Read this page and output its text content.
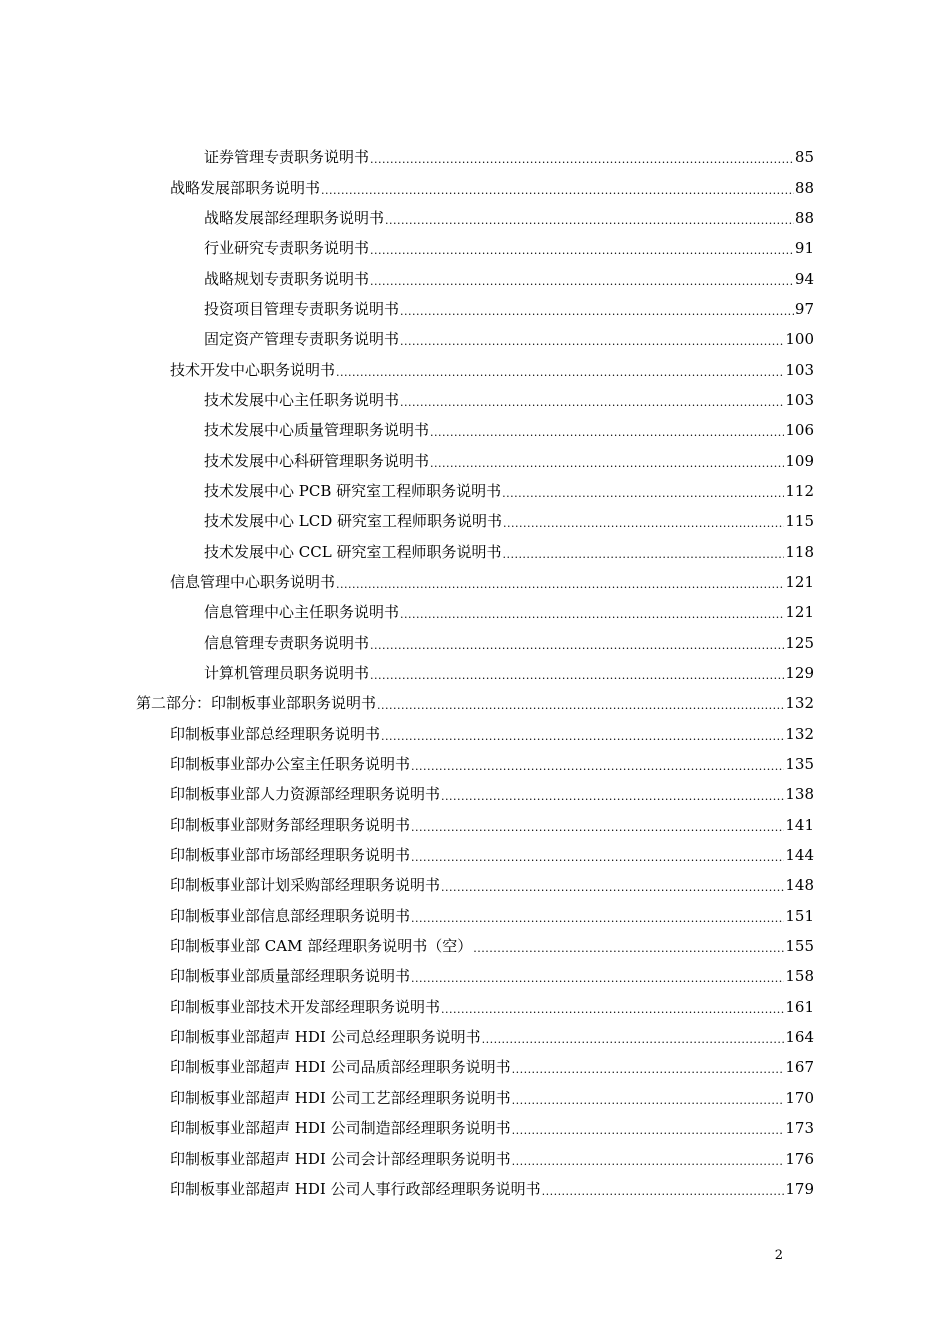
证券管理专责职务说明书 .....	85
战略发展部职务说明书 .....	88
战略发展部经理职务说明书 .....	88
行业研究专责职务说明书 .....	91
战略规划专责职务说明书 .....	94
投资项目管理专责职务说明书 .....	97
固定资产管理专责职务说明书 .....	100
技术开发中心职务说明书 .....	103
技术发展中心主任职务说明书 .....	103
技术发展中心质量管理职务说明书 .....	106
技术发展中心科研管理职务说明书 .....	109
技术发展中心 PCB 研究室工程师职务说明书 .....	112
技术发展中心 LCD 研究室工程师职务说明书 .....	115
技术发展中心 CCL 研究室工程师职务说明书 .....	118
信息管理中心职务说明书 .....	121
信息管理中心主任职务说明书 .....	121
信息管理专责职务说明书 .....	125
计算机管理员职务说明书 .....	129
第二部分：印制板事业部职务说明书 .....	132
印制板事业部总经理职务说明书 .....	132
印制板事业部办公室主任职务说明书 .....	135
印制板事业部人力资源部经理职务说明书 .....	138
印制板事业部财务部经理职务说明书 .....	141
印制板事业部市场部经理职务说明书 .....	144
印制板事业部计划采购部经理职务说明书 .....	148
印制板事业部信息部经理职务说明书 .....	151
印制板事业部 CAM 部经理职务说明书（空） .....	155
印制板事业部质量部经理职务说明书 .....	158
印制板事业部技术开发部经理职务说明书 .....	161
印制板事业部超声 HDI 公司总经理职务说明书 .....	164
印制板事业部超声 HDI 公司品质部经理职务说明书 .....	167
印制板事业部超声 HDI 公司工艺部经理职务说明书 .....	170
印制板事业部超声 HDI 公司制造部经理职务说明书 .....	173
印制板事业部超声 HDI 公司会计部经理职务说明书 .....	176
印制板事业部超声 HDI 公司人事行政部经理职务说明书 .....	179
2
